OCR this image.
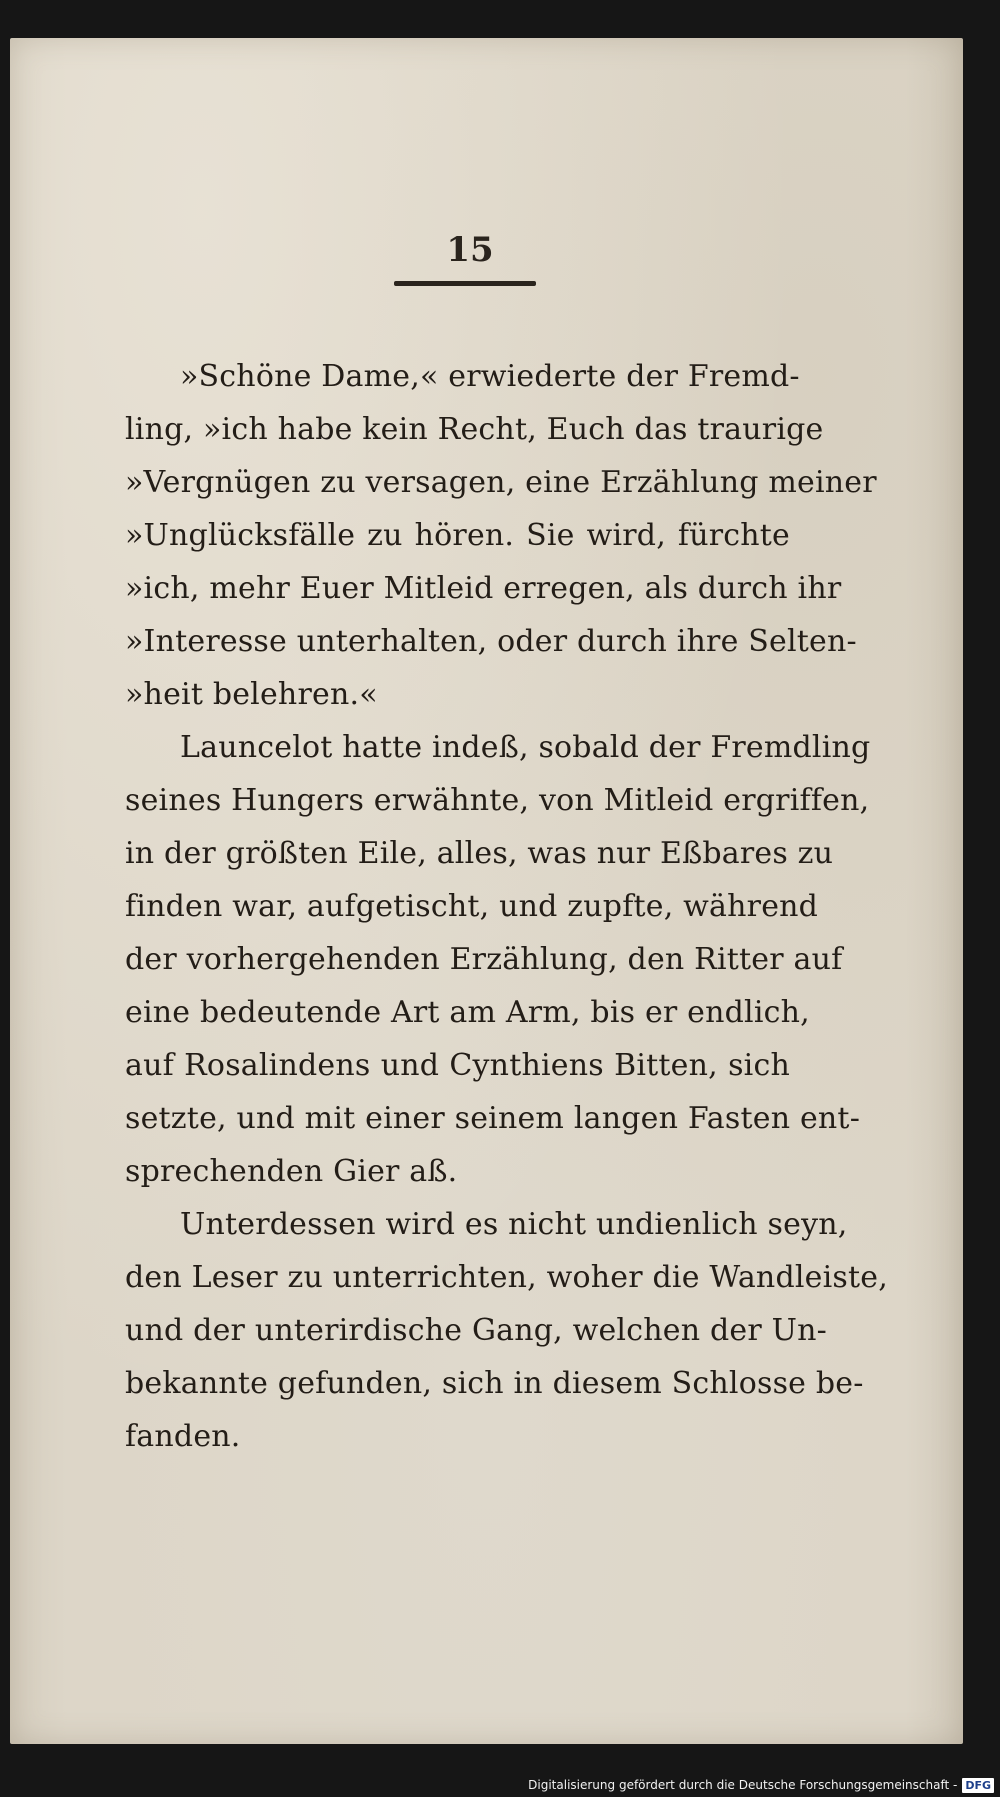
15
»Schöne Dame,« erwiederte der Fremd-
ling, »ich habe kein Recht, Euch das traurige
»Vergnügen zu versagen, eine Erzählung meiner
»Unglücksfälle zu hören. Sie wird, fürchte
»ich, mehr Euer Mitleid erregen, als durch ihr
»Interesse unterhalten, oder durch ihre Selten-
»heit belehren.«
Launcelot hatte indeß, sobald der Fremdling
seines Hungers erwähnte, von Mitleid ergriffen,
in der größten Eile, alles, was nur Eßbares zu
finden war, aufgetischt, und zupfte, während
der vorhergehenden Erzählung, den Ritter auf
eine bedeutende Art am Arm, bis er endlich,
auf Rosalindens und Cynthiens Bitten, sich
setzte, und mit einer seinem langen Fasten ent-
sprechenden Gier aß.
Unterdessen wird es nicht undienlich seyn,
den Leser zu unterrichten, woher die Wandleiste,
und der unterirdische Gang, welchen der Un-
bekannte gefunden, sich in diesem Schlosse be-
fanden.
Digitalisierung gefördert durch die Deutsche Forschungsgemeinschaft - DFG
